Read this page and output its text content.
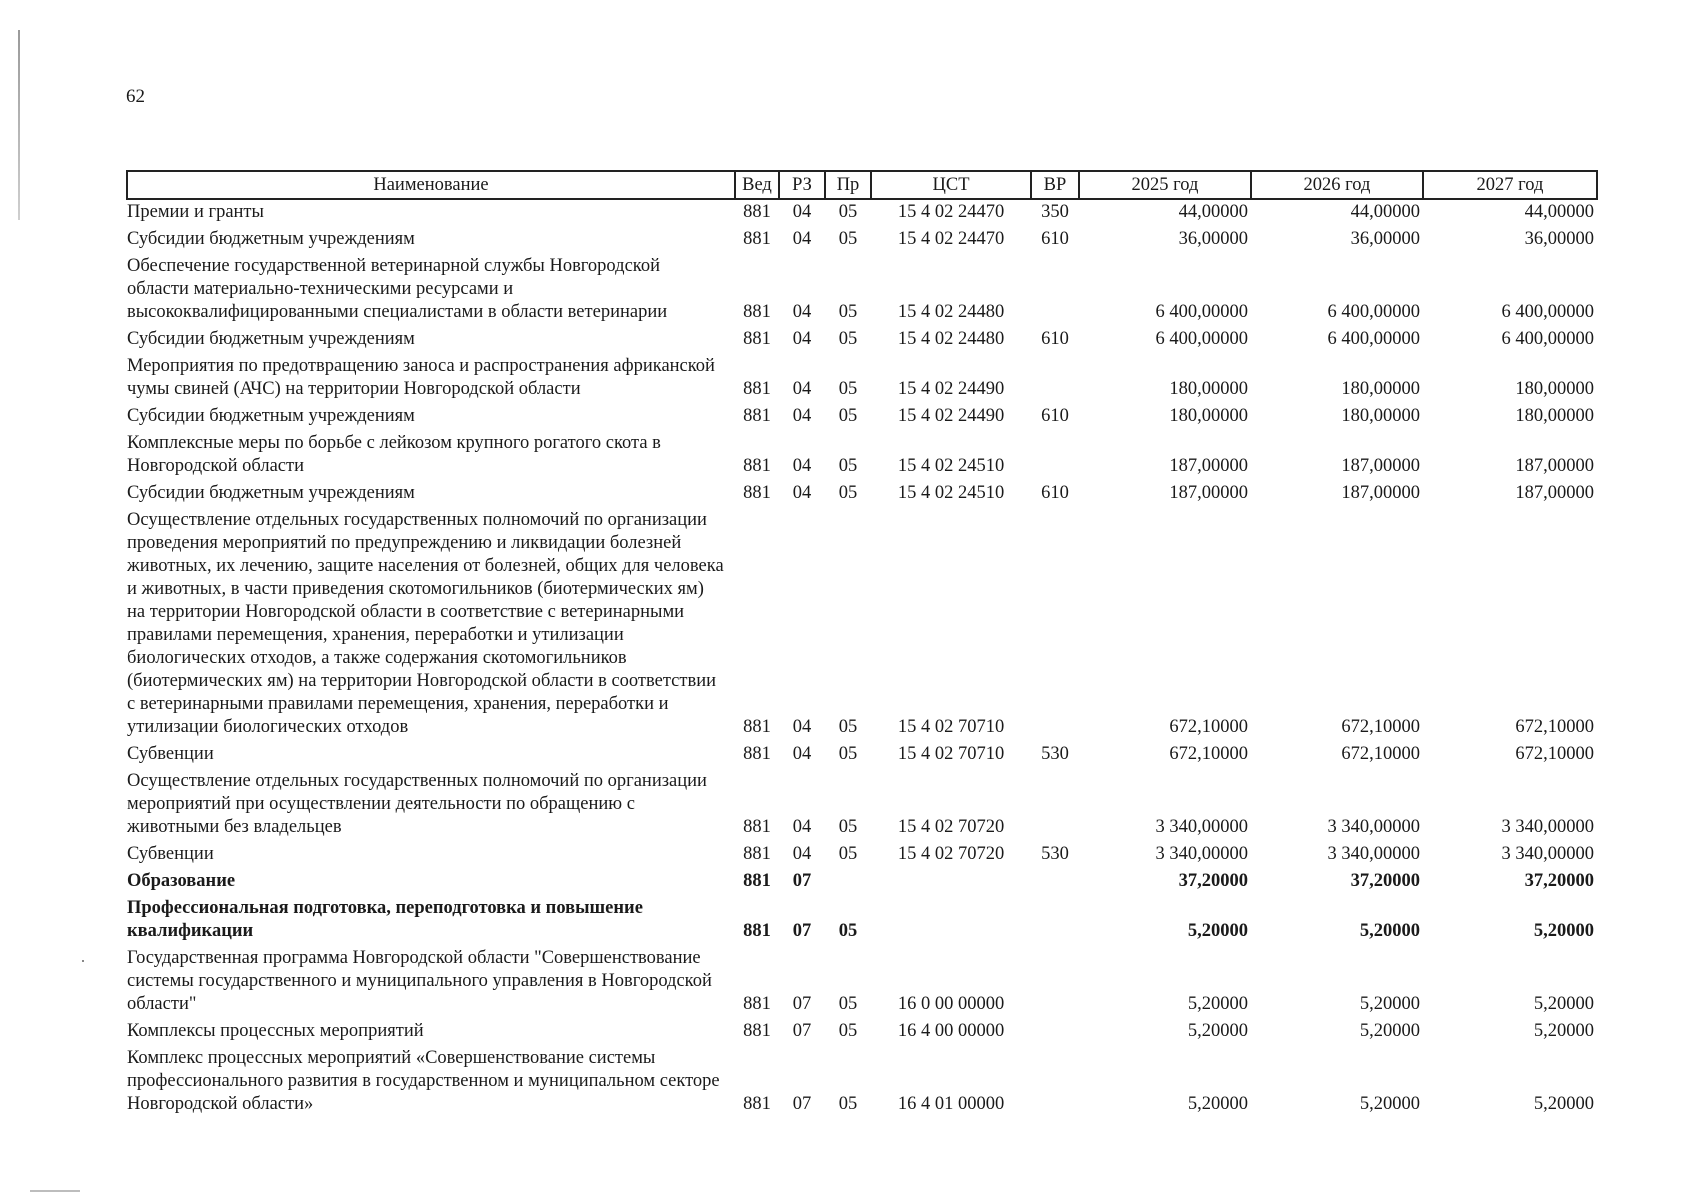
62
Наименование	Вед	РЗ	Пр	ЦСТ	ВР	2025 год	2026 год	2027 год
Премии и гранты	881	04	05	15 4 02 24470	350	44,00000	44,00000	44,00000
Субсидии бюджетным учреждениям	881	04	05	15 4 02 24470	610	36,00000	36,00000	36,00000
Обеспечение государственной ветеринарной службы Новгородской области материально-техническими ресурсами и высококвалифицированными специалистами в области ветеринарии	881	04	05	15 4 02 24480		6 400,00000	6 400,00000	6 400,00000
Субсидии бюджетным учреждениям	881	04	05	15 4 02 24480	610	6 400,00000	6 400,00000	6 400,00000
Мероприятия по предотвращению заноса и распространения африканской чумы свиней (АЧС) на территории Новгородской области	881	04	05	15 4 02 24490		180,00000	180,00000	180,00000
Субсидии бюджетным учреждениям	881	04	05	15 4 02 24490	610	180,00000	180,00000	180,00000
Комплексные меры по борьбе с лейкозом крупного рогатого скота в Новгородской области	881	04	05	15 4 02 24510		187,00000	187,00000	187,00000
Субсидии бюджетным учреждениям	881	04	05	15 4 02 24510	610	187,00000	187,00000	187,00000
Осуществление отдельных государственных полномочий по организации проведения мероприятий по предупреждению и ликвидации болезней животных, их лечению, защите населения от болезней, общих для человека и животных, в части приведения скотомогильников (биотермических ям) на территории Новгородской области в соответствие с ветеринарными правилами перемещения, хранения, переработки и утилизации биологических отходов, а также содержания скотомогильников (биотермических ям) на территории Новгородской области в соответствии с ветеринарными правилами перемещения, хранения, переработки и утилизации биологических отходов	881	04	05	15 4 02 70710		672,10000	672,10000	672,10000
Субвенции	881	04	05	15 4 02 70710	530	672,10000	672,10000	672,10000
Осуществление отдельных государственных полномочий по организации мероприятий при осуществлении деятельности по обращению с животными без владельцев	881	04	05	15 4 02 70720		3 340,00000	3 340,00000	3 340,00000
Субвенции	881	04	05	15 4 02 70720	530	3 340,00000	3 340,00000	3 340,00000
Образование	881	07				37,20000	37,20000	37,20000
Профессиональная подготовка, переподготовка и повышение квалификации	881	07	05			5,20000	5,20000	5,20000
Государственная программа Новгородской области "Совершенствование системы государственного и муниципального управления в Новгородской области"	881	07	05	16 0 00 00000		5,20000	5,20000	5,20000
Комплексы процессных мероприятий	881	07	05	16 4 00 00000		5,20000	5,20000	5,20000
Комплекс процессных мероприятий «Совершенствование системы профессионального развития в государственном и муниципальном секторе Новгородской области»	881	07	05	16 4 01 00000		5,20000	5,20000	5,20000
